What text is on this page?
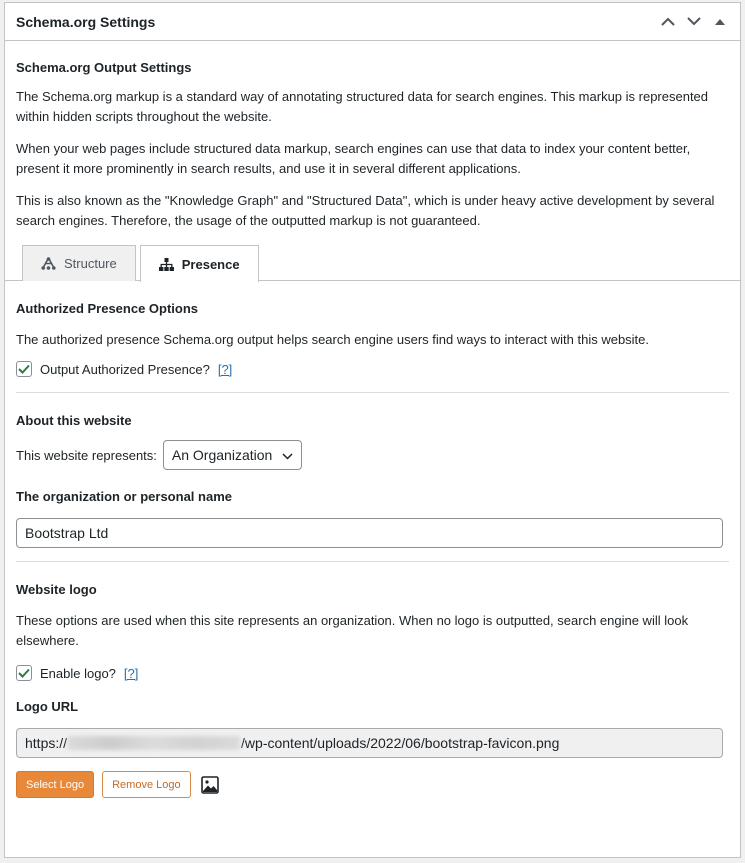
Schema.org Settings
Schema.org Output Settings

The Schema.org markup is a standard way of annotating structured data for search engines. This markup is represented within hidden scripts throughout the website.

When your web pages include structured data markup, search engines can use that data to index your content better, present it more prominently in search results, and use it in several different applications.

This is also known as the "Knowledge Graph" and "Structured Data", which is under heavy active development by several search engines. Therefore, the usage of the outputted markup is not guaranteed.

Structure	Presence
Authorized Presence Options

The authorized presence Schema.org output helps search engine users find ways to interact with this website.

Output Authorized Presence? [?]
About this website
This website represents: An Organization
The organization or personal name
Bootstrap Ltd
Website logo

These options are used when this site represents an organization. When no logo is outputted, search engine will look elsewhere.

Enable logo? [?]
Logo URL
https://	/wp-content/uploads/2022/06/bootstrap-favicon.png
Select Logo	Remove Logo
